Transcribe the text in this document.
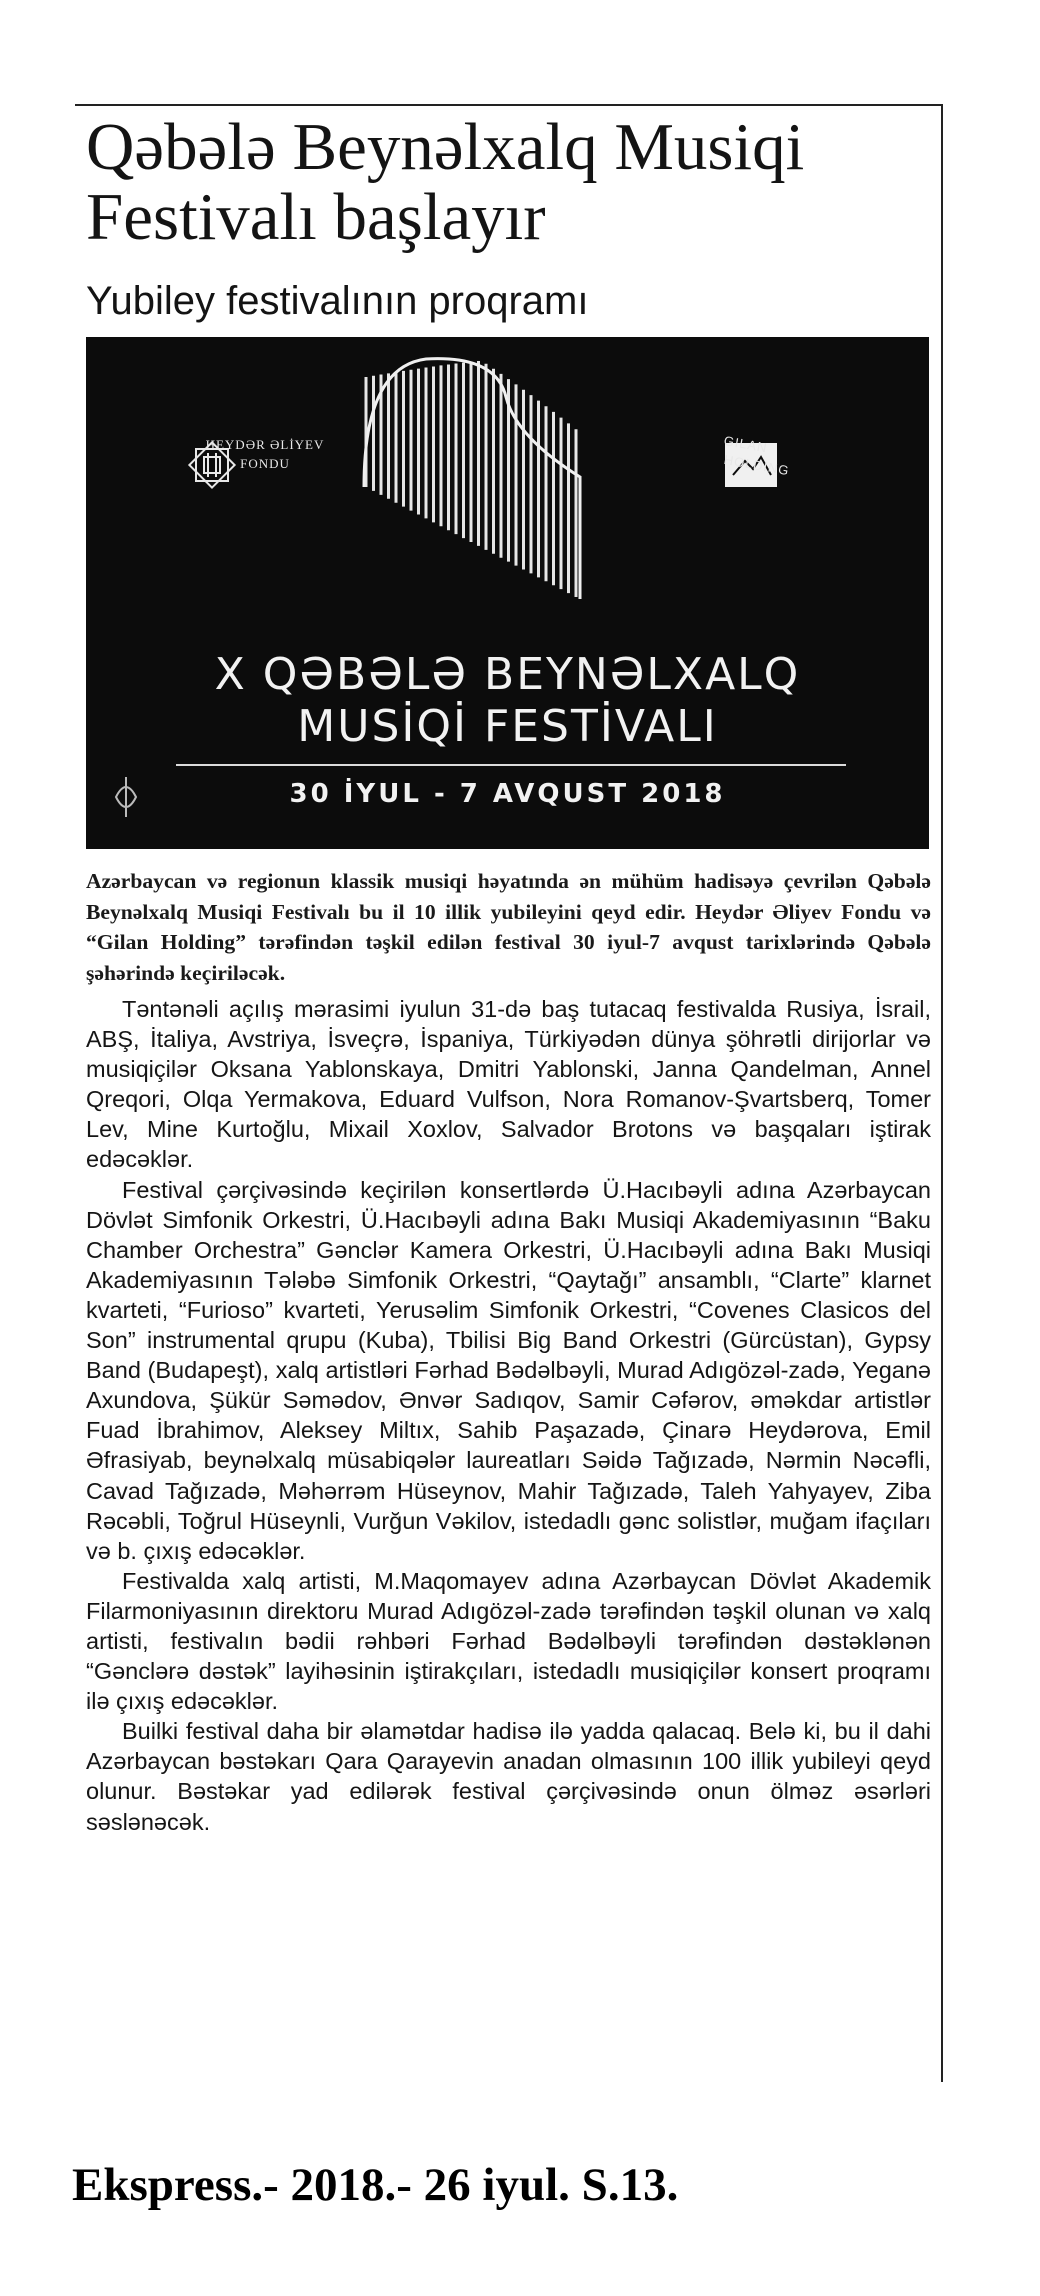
Qəbələ Beynəlxalq Musiqi Festivalı başlayır
Yubiley festivalının proqramı
HEYDƏR ƏLİYEV
FONDU
GILAN
HOLDING
X QƏBƏLƏ BEYNƏLXALQ
MUSİQİ FESTİVALI
30 İYUL - 7 AVQUST 2018

Azərbaycan və regionun klassik musiqi həyatında ən mühüm hadisəyə çevrilən Qəbələ Beynəlxalq Musiqi Festivalı bu il 10 illik yubileyini qeyd edir. Heydər Əliyev Fondu və “Gilan Holding” tərəfindən təşkil edilən festival 30 iyul-7 avqust tarixlərində Qəbələ şəhərində keçiriləcək.

Təntənəli açılış mərasimi iyulun 31-də baş tutacaq festivalda Rusiya, İsrail, ABŞ, İtaliya, Avstriya, İsveçrə, İspaniya, Türkiyədən dünya şöhrətli dirijorlar və musiqiçilər Oksana Yablonskaya, Dmitri Yablonski, Janna Qandelman, Annel Qreqori, Olqa Yermakova, Eduard Vulfson, Nora Romanov-Şvartsberq, Tomer Lev, Mine Kurtoğlu, Mixail Xoxlov, Salvador Brotons və başqaları iştirak edəcəklər.

Festival çərçivəsində keçirilən konsertlərdə Ü.Hacıbəyli adına Azərbaycan Dövlət Simfonik Orkestri, Ü.Hacıbəyli adına Bakı Musiqi Akademiyasının “Baku Chamber Orchestra” Gənclər Kamera Orkestri, Ü.Hacıbəyli adına Bakı Musiqi Akademiyasının Tələbə Simfonik Orkestri, “Qaytağı” ansamblı, “Clarte” klarnet kvarteti, “Furioso” kvarteti, Yerusəlim Simfonik Orkestri, “Covenes Clasicos del Son” instrumental qrupu (Kuba), Tbilisi Big Band Orkestri (Gürcüstan), Gypsy Band (Budapeşt), xalq artistləri Fərhad Bədəlbəyli, Murad Adıgözəl-zadə, Yeganə Axundova, Şükür Səmədov, Ənvər Sadıqov, Samir Cəfərov, əməkdar artistlər Fuad İbrahimov, Aleksey Miltıx, Sahib Paşazadə, Çinarə Heydərova, Emil Əfrasiyab, beynəlxalq müsabiqələr laureatları Səidə Tağızadə, Nərmin Nəcəfli, Cavad Tağızadə, Məhərrəm Hüseynov, Mahir Tağızadə, Taleh Yahyayev, Ziba Rəcəbli, Toğrul Hüseynli, Vurğun Vəkilov, istedadlı gənc solistlər, muğam ifaçıları və b. çıxış edəcəklər.

Festivalda xalq artisti, M.Maqomayev adına Azərbaycan Dövlət Akademik Filarmoniyasının direktoru Murad Adıgözəl-zadə tərəfindən təşkil olunan və xalq artisti, festivalın bədii rəhbəri Fərhad Bədəlbəyli tərəfindən dəstəklənən “Gənclərə dəstək” layihəsinin iştirakçıları, istedadlı musiqiçilər konsert proqramı ilə çıxış edəcəklər.

Builki festival daha bir əlamətdar hadisə ilə yadda qalacaq. Belə ki, bu il dahi Azərbaycan bəstəkarı Qara Qarayevin anadan olmasının 100 illik yubileyi qeyd olunur. Bəstəkar yad edilərək festival çərçivəsində onun ölməz əsərləri səslənəcək.

Ekspress.- 2018.- 26 iyul. S.13.
